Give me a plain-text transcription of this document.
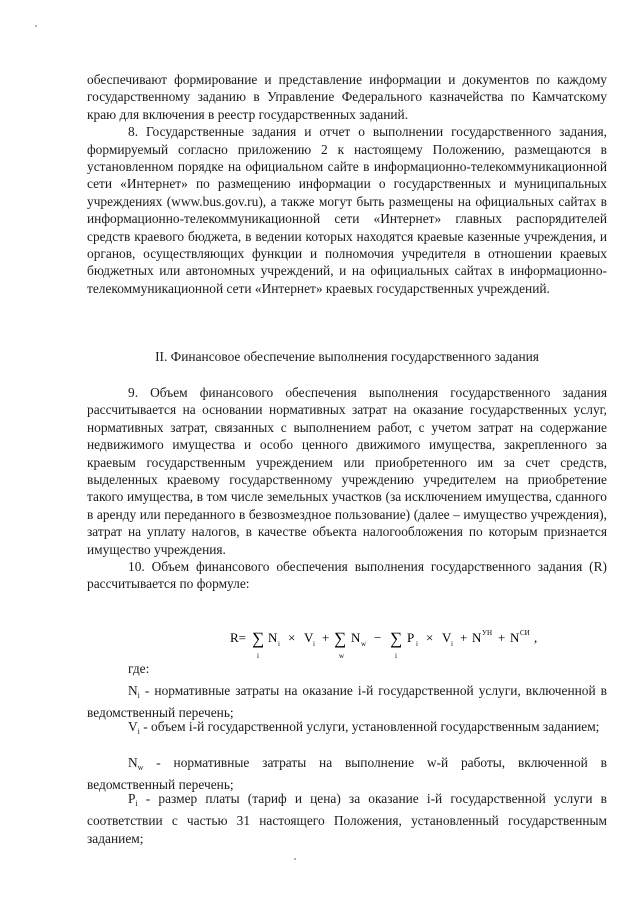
обеспечивают формирование и представление информации и документов по каждому государственному заданию в Управление Федерального казначейства по Камчатскому краю для включения в реестр государственных заданий.

8. Государственные задания и отчет о выполнении государственного задания, формируемый согласно приложению 2 к настоящему Положению, размещаются в установленном порядке на официальном сайте в информационно-телекоммуникационной сети «Интернет» по размещению информации о государственных и муниципальных учреждениях (www.bus.gov.ru), а также могут быть размещены на официальных сайтах в информационно-телекоммуникационной сети «Интернет» главных распорядителей средств краевого бюджета, в ведении которых находятся краевые казенные учреждения, и органов, осуществляющих функции и полномочия учредителя в отношении краевых бюджетных или автономных учреждений, и на официальных сайтах в информационно-телекоммуникационной сети «Интернет» краевых государственных учреждений.

II. Финансовое обеспечение выполнения государственного задания

9. Объем финансового обеспечения выполнения государственного задания рассчитывается на основании нормативных затрат на оказание государственных услуг, нормативных затрат, связанных с выполнением работ, с учетом затрат на содержание недвижимого имущества и особо ценного движимого имущества, закрепленного за краевым государственным учреждением или приобретенного им за счет средств, выделенных краевому государственному учреждению учредителем на приобретение такого имущества, в том числе земельных участков (за исключением имущества, сданного в аренду или переданного в безвозмездное пользование) (далее – имущество учреждения), затрат на уплату налогов, в качестве объекта налогообложения по которым признается имущество учреждения.

10. Объем финансового обеспечения выполнения государственного задания (R) рассчитывается по формуле:

R= ∑
i
N i × V i + ∑
w
N w − ∑
i
P i × V i + N УН + N СИ ,
где:
$N_i$ - нормативные затраты на оказание i-й государственной услуги, включенной в ведомственный перечень;
$V_i$ - объем i-й государственной услуги, установленной государственным заданием;
$N_w$ - нормативные затраты на выполнение w-й работы, включенной в ведомственный перечень;
$P_i$ - размер платы (тариф и цена) за оказание i-й государственной услуги в соответствии с частью 31 настоящего Положения, установленный государственным заданием;
